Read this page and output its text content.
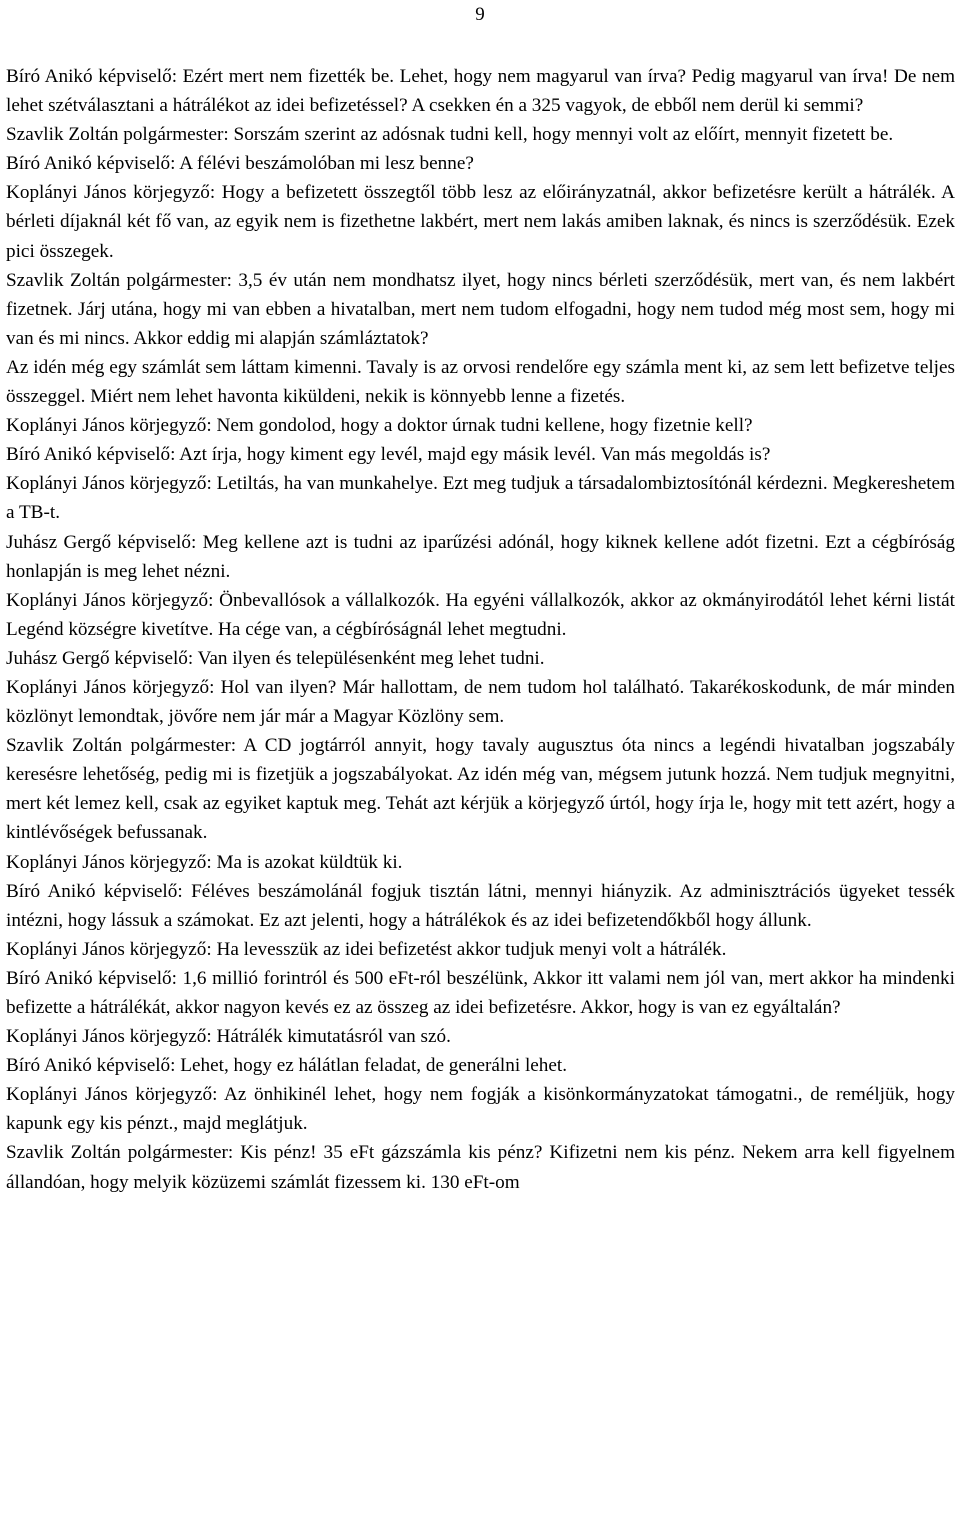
9

Bíró Anikó képviselő: Ezért mert nem fizették be. Lehet, hogy nem magyarul van írva? Pedig magyarul van írva! De nem lehet szétválasztani a hátrálékot az idei befizetéssel? A csekken én a 325 vagyok, de ebből nem derül ki semmi?

Szavlik Zoltán polgármester: Sorszám szerint az adósnak tudni kell, hogy mennyi volt az előírt, mennyit fizetett be.

Bíró Anikó képviselő: A félévi beszámolóban mi lesz benne?

Koplányi János körjegyző: Hogy a befizetett összegtől több lesz az előirányzatnál, akkor befizetésre került a hátrálék. A bérleti díjaknál két fő van, az egyik nem is fizethetne lakbért, mert nem lakás amiben laknak, és nincs is szerződésük. Ezek pici összegek.

Szavlik Zoltán polgármester: 3,5 év után nem mondhatsz ilyet, hogy nincs bérleti szerződésük, mert van, és nem lakbért fizetnek. Járj utána, hogy mi van ebben a hivatalban, mert nem tudom elfogadni, hogy nem tudod még most sem, hogy mi van és mi nincs. Akkor eddig mi alapján számláztatok?

Az idén még egy számlát sem láttam kimenni. Tavaly is az orvosi rendelőre egy számla ment ki, az sem lett befizetve teljes összeggel. Miért nem lehet havonta kiküldeni, nekik is könnyebb lenne a fizetés.

Koplányi János körjegyző: Nem gondolod, hogy a doktor úrnak tudni kellene, hogy fizetnie kell?

Bíró Anikó képviselő: Azt írja, hogy kiment egy levél, majd egy másik levél. Van más megoldás is?

Koplányi János körjegyző: Letiltás, ha van munkahelye. Ezt meg tudjuk a társadalombiztosítónál kérdezni. Megkereshetem a TB-t.

Juhász Gergő képviselő: Meg kellene azt is tudni az iparűzési adónál, hogy kiknek kellene adót fizetni. Ezt a cégbíróság honlapján is meg lehet nézni.

Koplányi János körjegyző: Önbevallósok a vállalkozók. Ha egyéni vállalkozók, akkor az okmányirodától lehet kérni listát Legénd községre kivetítve. Ha cége van, a cégbíróságnál lehet megtudni.

Juhász Gergő képviselő: Van ilyen és településenként meg lehet tudni.

Koplányi János körjegyző: Hol van ilyen? Már hallottam, de nem tudom hol található. Takarékoskodunk, de már minden közlönyt lemondtak, jövőre nem jár már a Magyar Közlöny sem.

Szavlik Zoltán polgármester: A CD jogtárról annyit, hogy tavaly augusztus óta nincs a legéndi hivatalban jogszabály keresésre lehetőség, pedig mi is fizetjük a jogszabályokat. Az idén még van, mégsem jutunk hozzá. Nem tudjuk megnyitni, mert két lemez kell, csak az egyiket kaptuk meg. Tehát azt kérjük a körjegyző úrtól, hogy írja le, hogy mit tett azért, hogy a kintlévőségek befussanak.

Koplányi János körjegyző: Ma is azokat küldtük ki.

Bíró Anikó képviselő: Féléves beszámolánál fogjuk tisztán látni, mennyi hiányzik. Az adminisztrációs ügyeket tessék intézni, hogy lássuk a számokat. Ez azt jelenti, hogy a hátrálékok és az idei befizetendőkből hogy állunk.

Koplányi János körjegyző: Ha levesszük az idei befizetést akkor tudjuk menyi volt a hátrálék.

Bíró Anikó képviselő: 1,6 millió forintról és 500 eFt-ról beszélünk, Akkor itt valami nem jól van, mert akkor ha mindenki befizette a hátrálékát, akkor nagyon kevés ez az összeg az idei befizetésre. Akkor, hogy is van ez egyáltalán?

Koplányi János körjegyző: Hátrálék kimutatásról van szó.

Bíró Anikó képviselő: Lehet, hogy ez hálátlan feladat, de generálni lehet.

Koplányi János körjegyző: Az önhikinél lehet, hogy nem fogják a kisönkormányzatokat támogatni., de reméljük, hogy kapunk egy kis pénzt., majd meglátjuk.

Szavlik Zoltán polgármester: Kis pénz! 35 eFt gázszámla kis pénz? Kifizetni nem kis pénz. Nekem arra kell figyelnem állandóan, hogy melyik közüzemi számlát fizessem ki. 130 eFt-om
